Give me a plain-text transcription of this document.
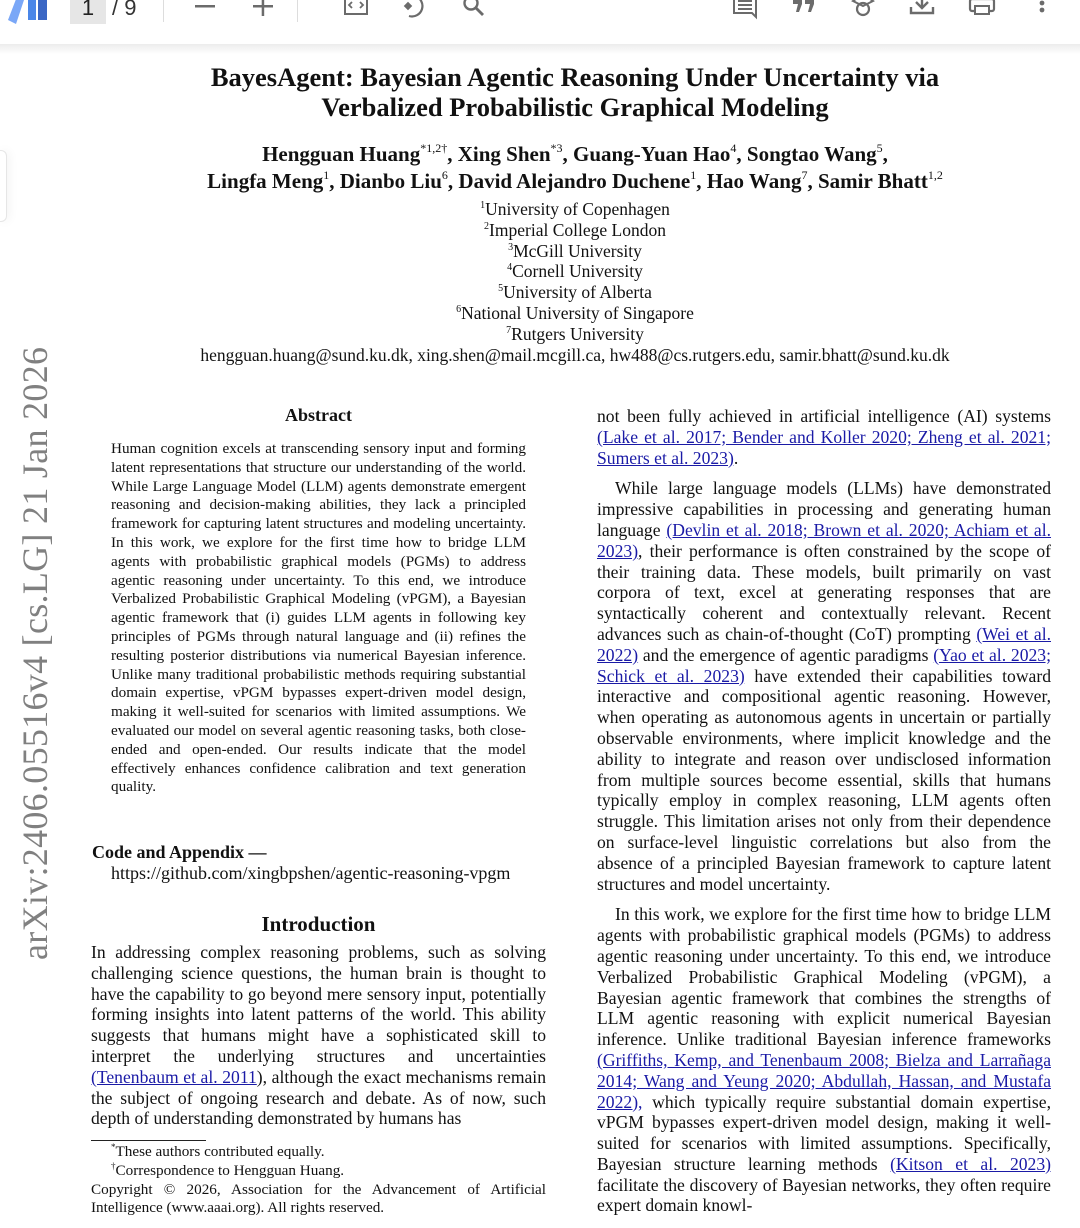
1 / 9
arXiv:2406.05516v4 [cs.LG] 21 Jan 2026
BayesAgent: Bayesian Agentic Reasoning Under Uncertainty via
Verbalized Probabilistic Graphical Modeling
Hengguan Huang$^{*1,2\dagger}$, Xing Shen$^{*3}$, Guang-Yuan Hao$^4$, Songtao Wang$^5$,
Lingfa Meng$^1$, Dianbo Liu$^6$, David Alejandro Duchene$^1$, Hao Wang$^7$, Samir Bhatt$^{1,2}$
$^1$University of Copenhagen
$^2$Imperial College London
$^3$McGill University
$^4$Cornell University
$^5$University of Alberta
$^6$National University of Singapore
$^7$Rutgers University
hengguan.huang@sund.ku.dk, xing.shen@mail.mcgill.ca, hw488@cs.rutgers.edu, samir.bhatt@sund.ku.dk
Abstract
Human cognition excels at transcending sensory input and forming latent representations that structure our understanding of the world. While Large Language Model (LLM) agents demonstrate emergent reasoning and decision-making abilities, they lack a principled framework for capturing latent structures and modeling uncertainty. In this work, we explore for the first time how to bridge LLM agents with probabilistic graphical models (PGMs) to address agentic reasoning under uncertainty. To this end, we introduce Verbalized Probabilistic Graphical Modeling (vPGM), a Bayesian agentic framework that (i) guides LLM agents in following key principles of PGMs through natural language and (ii) refines the resulting posterior distributions via numerical Bayesian inference. Unlike many traditional probabilistic methods requiring substantial domain expertise, vPGM bypasses expert-driven model design, making it well-suited for scenarios with limited assumptions. We evaluated our model on several agentic reasoning tasks, both close-ended and open-ended. Our results indicate that the model effectively enhances confidence calibration and text generation quality.
Code and Appendix —
https://github.com/xingbpshen/agentic-reasoning-vpgm
Introduction
In addressing complex reasoning problems, such as solving challenging science questions, the human brain is thought to have the capability to go beyond mere sensory input, potentially forming insights into latent patterns of the world. This ability suggests that humans might have a sophisticated skill to interpret the underlying structures and uncertainties (Tenenbaum et al. 2011), although the exact mechanisms remain the subject of ongoing research and debate. As of now, such depth of understanding demonstrated by humans has
*These authors contributed equally.
†Correspondence to Hengguan Huang.
Copyright © 2026, Association for the Advancement of Artificial Intelligence (www.aaai.org). All rights reserved.

not been fully achieved in artificial intelligence (AI) systems (Lake et al. 2017; Bender and Koller 2020; Zheng et al. 2021; Sumers et al. 2023).

While large language models (LLMs) have demonstrated impressive capabilities in processing and generating human language (Devlin et al. 2018; Brown et al. 2020; Achiam et al. 2023), their performance is often constrained by the scope of their training data. These models, built primarily on vast corpora of text, excel at generating responses that are syntactically coherent and contextually relevant. Recent advances such as chain-of-thought (CoT) prompting (Wei et al. 2022) and the emergence of agentic paradigms (Yao et al. 2023; Schick et al. 2023) have extended their capabilities toward interactive and compositional agentic reasoning. However, when operating as autonomous agents in uncertain or partially observable environments, where implicit knowledge and the ability to integrate and reason over undisclosed information from multiple sources become essential, skills that humans typically employ in complex reasoning, LLM agents often struggle. This limitation arises not only from their dependence on surface-level linguistic correlations but also from the absence of a principled Bayesian framework to capture latent structures and model uncertainty.

In this work, we explore for the first time how to bridge LLM agents with probabilistic graphical models (PGMs) to address agentic reasoning under uncertainty. To this end, we introduce Verbalized Probabilistic Graphical Modeling (vPGM), a Bayesian agentic framework that combines the strengths of LLM agentic reasoning with explicit numerical Bayesian inference. Unlike traditional Bayesian inference frameworks (Griffiths, Kemp, and Tenenbaum 2008; Bielza and Larrañaga 2014; Wang and Yeung 2020; Abdullah, Hassan, and Mustafa 2022), which typically require substantial domain expertise, vPGM bypasses expert-driven model design, making it well-suited for scenarios with limited assumptions. Specifically, Bayesian structure learning methods (Kitson et al. 2023) facilitate the discovery of Bayesian networks, they often require expert domain knowl-
